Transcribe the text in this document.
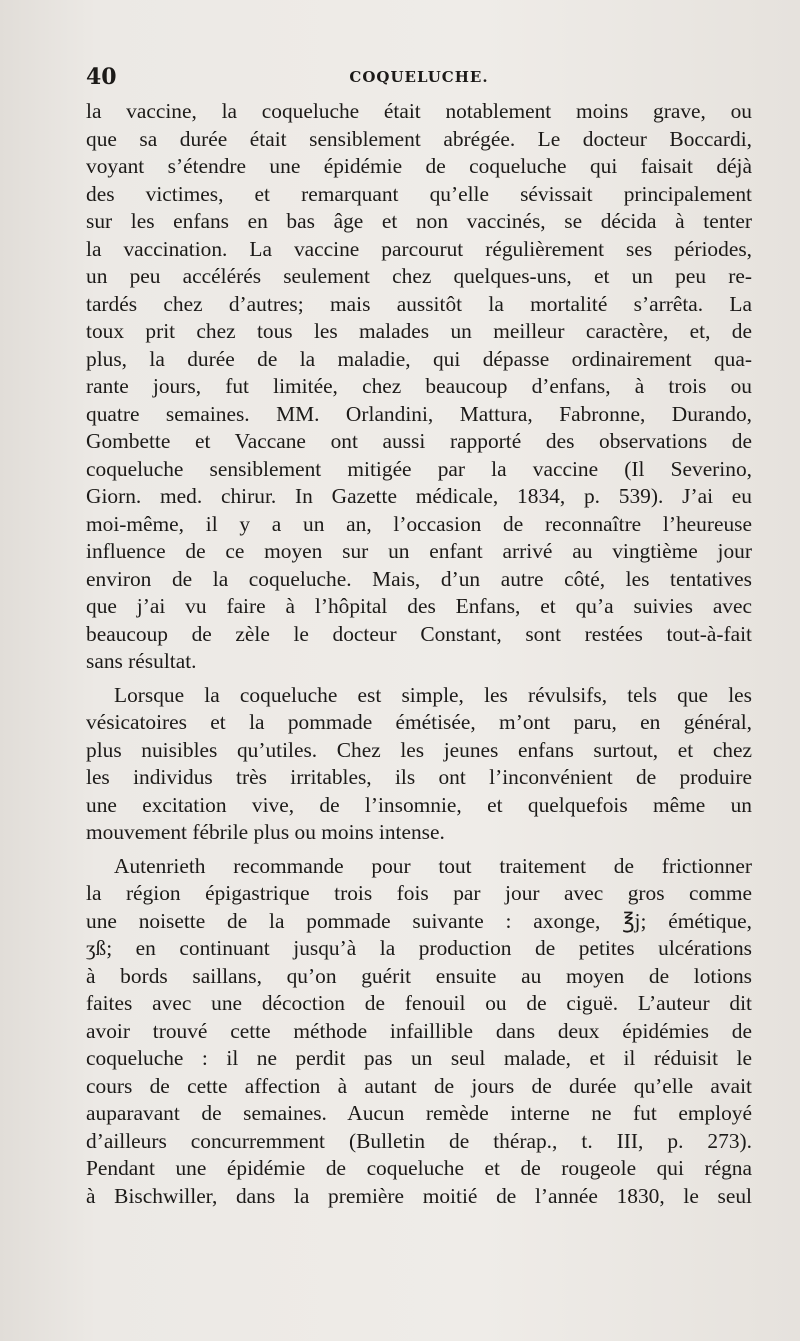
40	COQUELUCHE.
la vaccine, la coqueluche était notablement moins grave, ou
que sa durée était sensiblement abrégée. Le docteur Boccardi,
voyant s’étendre une épidémie de coqueluche qui faisait déjà
des victimes, et remarquant qu’elle sévissait principalement
sur les enfans en bas âge et non vaccinés, se décida à tenter
la vaccination. La vaccine parcourut régulièrement ses périodes,
un peu accélérés seulement chez quelques-uns, et un peu re-
tardés chez d’autres; mais aussitôt la mortalité s’arrêta. La
toux prit chez tous les malades un meilleur caractère, et, de
plus, la durée de la maladie, qui dépasse ordinairement qua-
rante jours, fut limitée, chez beaucoup d’enfans, à trois ou
quatre semaines. MM. Orlandini, Mattura, Fabronne, Durando,
Gombette et Vaccane ont aussi rapporté des observations de
coqueluche sensiblement mitigée par la vaccine (Il Severino,
Giorn. med. chirur. In Gazette médicale, 1834, p. 539). J’ai eu
moi-même, il y a un an, l’occasion de reconnaître l’heureuse
influence de ce moyen sur un enfant arrivé au vingtième jour
environ de la coqueluche. Mais, d’un autre côté, les tentatives
que j’ai vu faire à l’hôpital des Enfans, et qu’a suivies avec
beaucoup de zèle le docteur Constant, sont restées tout-à-fait
sans résultat.
Lorsque la coqueluche est simple, les révulsifs, tels que les
vésicatoires et la pommade émétisée, m’ont paru, en général,
plus nuisibles qu’utiles. Chez les jeunes enfans surtout, et chez
les individus très irritables, ils ont l’inconvénient de produire
une excitation vive, de l’insomnie, et quelquefois même un
mouvement fébrile plus ou moins intense.
Autenrieth recommande pour tout traitement de frictionner
la région épigastrique trois fois par jour avec gros comme
une noisette de la pommade suivante : axonge, ℥j; émétique,
ʒß; en continuant jusqu’à la production de petites ulcérations
à bords saillans, qu’on guérit ensuite au moyen de lotions
faites avec une décoction de fenouil ou de ciguë. L’auteur dit
avoir trouvé cette méthode infaillible dans deux épidémies de
coqueluche : il ne perdit pas un seul malade, et il réduisit le
cours de cette affection à autant de jours de durée qu’elle avait
auparavant de semaines. Aucun remède interne ne fut employé
d’ailleurs concurremment (Bulletin de thérap., t. III, p. 273).
Pendant une épidémie de coqueluche et de rougeole qui régna
à Bischwiller, dans la première moitié de l’année 1830, le seul
